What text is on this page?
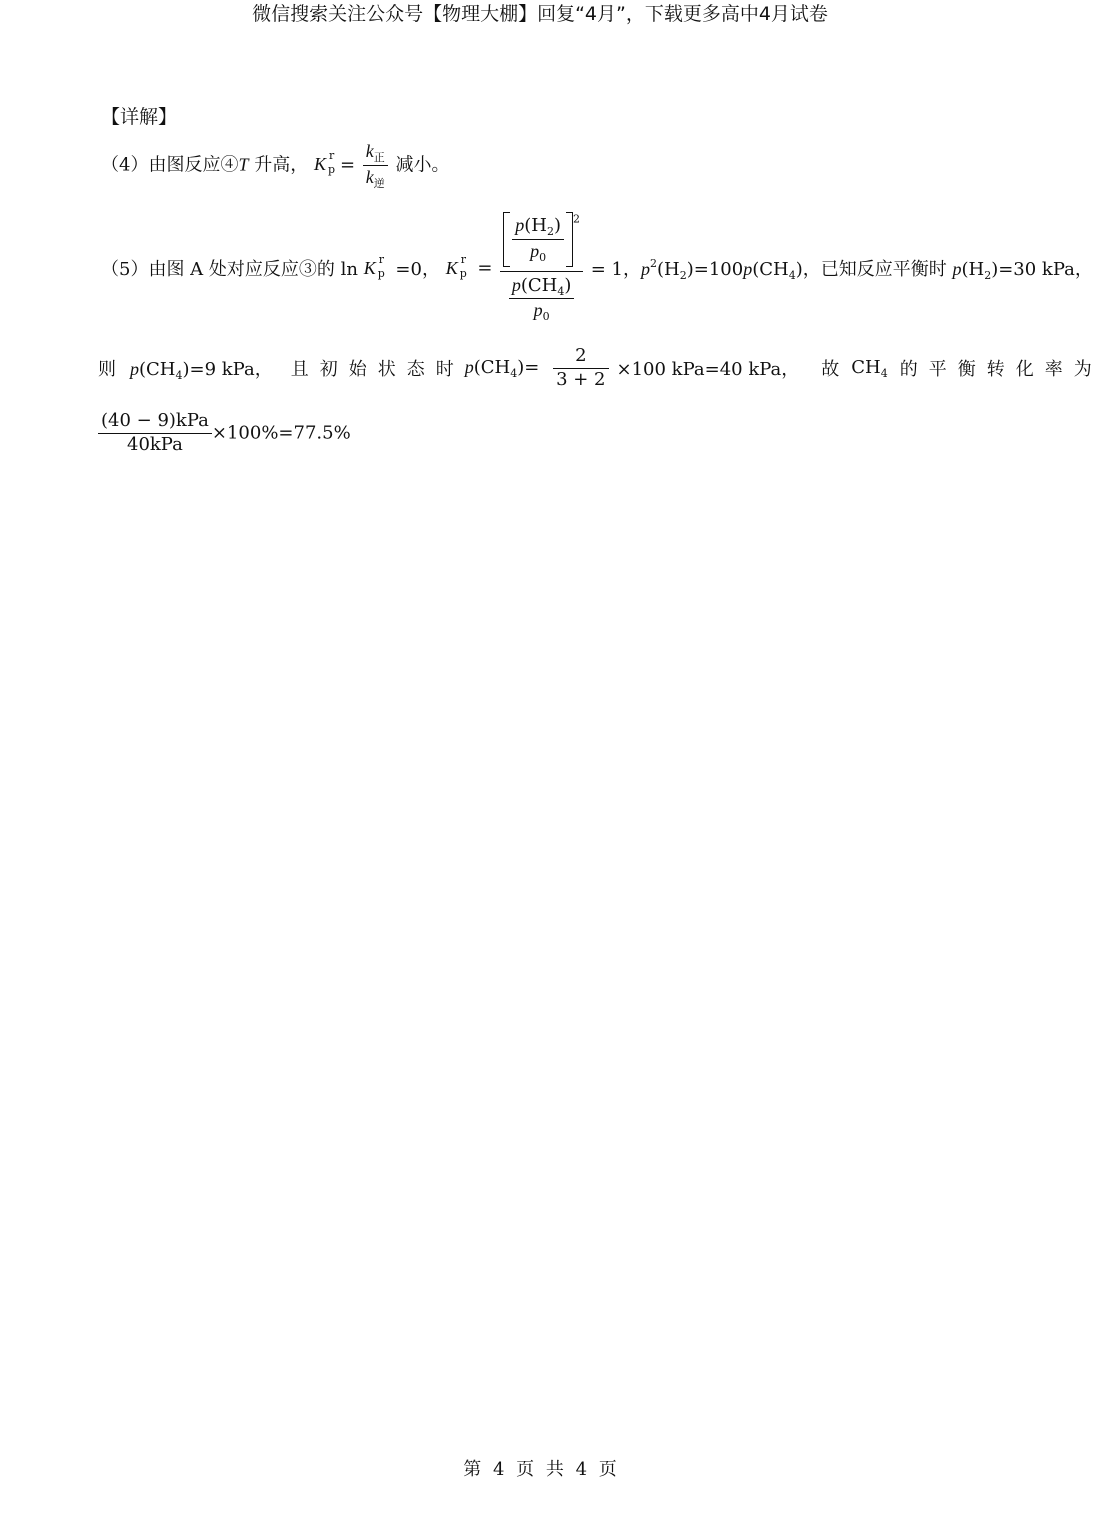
微信搜索关注公众号【物理大棚】回复“4月”，下载更多高中4月试卷
【详解】
（4）由图反应④T 升高， K r
$p = \frac{k_正}{k_逆}$ 减小。
（5）由图 A 处对应反应③的 ln K r
p =0， K r
$p = \frac{\frac{p(H_2)}{p_0} ^2}{\frac{p(CH_4)}{p_0}} = 1$，$p^2(H_2)=100p(CH_4)$，已知反应平衡时 $p(H_2)=30$ kPa，
则 $p(CH_4)=9$ kPa， 且初始状态时$p(CH_4)= \frac{2}{3 + 2} \times 100$ kPa=40 kPa， 故 $CH_4$ 的平衡转化率为
$\frac{\text{(40 − 9)kPa}}{\text{40kPa}} \times 100\%=77.5\%$
第 4 页 共 4 页
